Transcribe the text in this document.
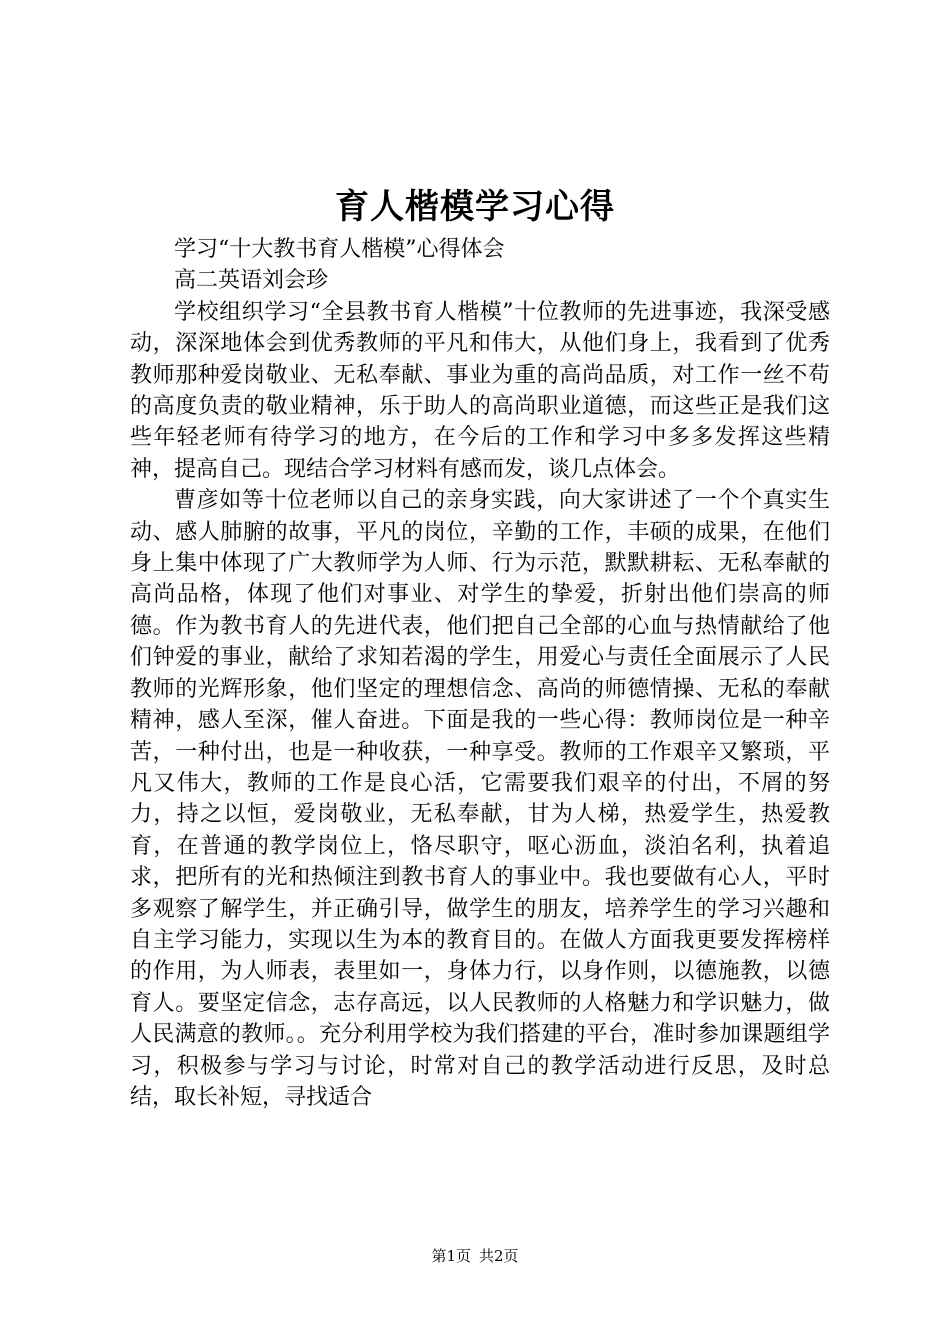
育人楷模学习心得

学习“十大教书育人楷模”心得体会

高二英语刘会珍

学校组织学习“全县教书育人楷模”十位教师的先进事迹，我深受感动，深深地体会到优秀教师的平凡和伟大，从他们身上，我看到了优秀教师那种爱岗敬业、无私奉献、事业为重的高尚品质，对工作一丝不苟的高度负责的敬业精神，乐于助人的高尚职业道德，而这些正是我们这些年轻老师有待学习的地方，在今后的工作和学习中多多发挥这些精神，提高自己。现结合学习材料有感而发，谈几点体会。

曹彦如等十位老师以自己的亲身实践，向大家讲述了一个个真实生动、感人肺腑的故事，平凡的岗位，辛勤的工作，丰硕的成果，在他们身上集中体现了广大教师学为人师、行为示范，默默耕耘、无私奉献的高尚品格，体现了他们对事业、对学生的挚爱，折射出他们崇高的师德。作为教书育人的先进代表，他们把自己全部的心血与热情献给了他们钟爱的事业，献给了求知若渴的学生，用爱心与责任全面展示了人民教师的光辉形象，他们坚定的理想信念、高尚的师德情操、无私的奉献精神，感人至深，催人奋进。下面是我的一些心得：教师岗位是一种辛苦，一种付出，也是一种收获，一种享受。教师的工作艰辛又繁琐，平凡又伟大，教师的工作是良心活，它需要我们艰辛的付出，不屑的努力，持之以恒，爱岗敬业，无私奉献，甘为人梯，热爱学生，热爱教育，在普通的教学岗位上，恪尽职守，呕心沥血，淡泊名利，执着追求，把所有的光和热倾注到教书育人的事业中。我也要做有心人，平时多观察了解学生，并正确引导，做学生的朋友，培养学生的学习兴趣和自主学习能力，实现以生为本的教育目的。在做人方面我更要发挥榜样的作用，为人师表，表里如一，身体力行，以身作则，以德施教，以德育人。要坚定信念，志存高远，以人民教师的人格魅力和学识魅力，做人民满意的教师。。充分利用学校为我们搭建的平台，准时参加课题组学习，积极参与学习与讨论，时常对自己的教学活动进行反思，及时总结，取长补短，寻找适合

第1页 共2页
